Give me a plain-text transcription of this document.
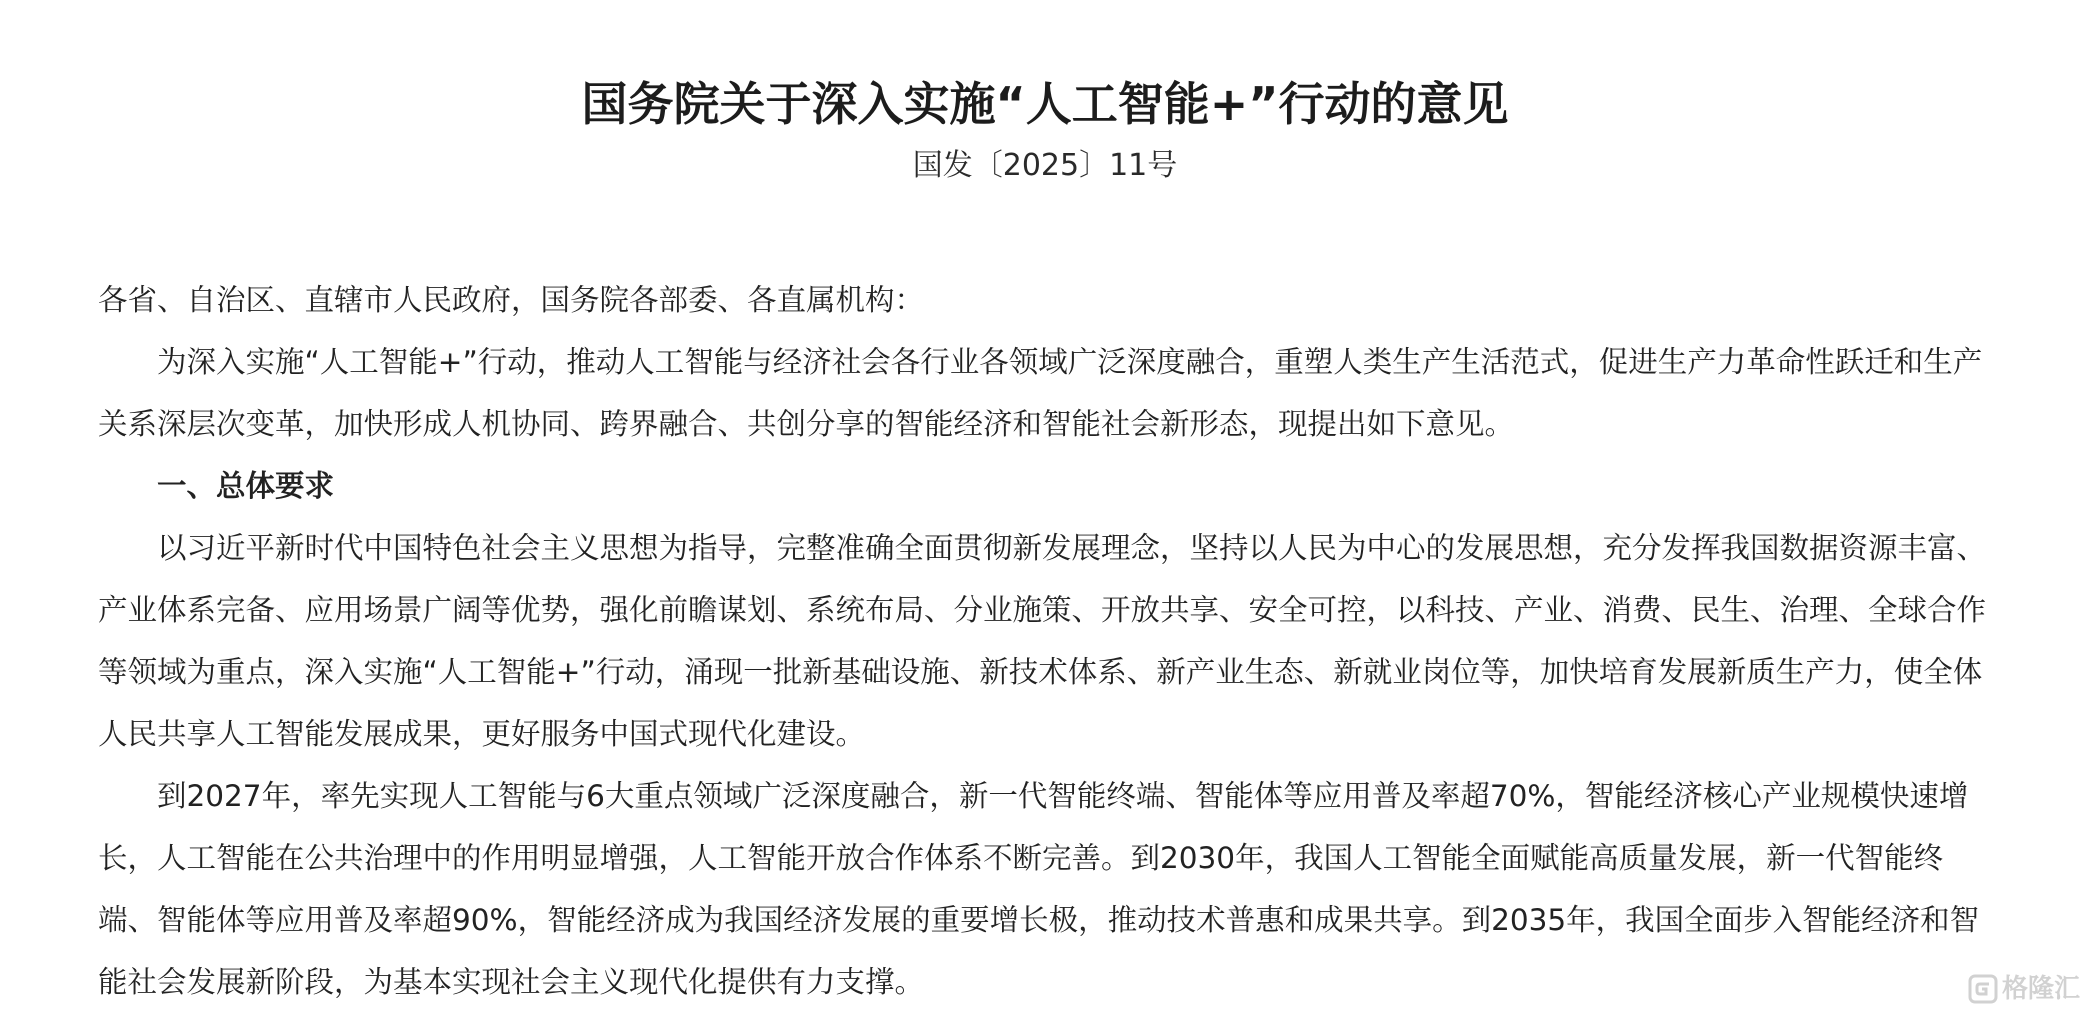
国务院关于深入实施“人工智能+”行动的意见
国发〔2025〕11号

各省、自治区、直辖市人民政府，国务院各部委、各直属机构：

为深入实施“人工智能+”行动，推动人工智能与经济社会各行业各领域广泛深度融合，重塑人类生产生活范式，促进生产力革命性跃迁和生产关系深层次变革，加快形成人机协同、跨界融合、共创分享的智能经济和智能社会新形态，现提出如下意见。

一、总体要求

以习近平新时代中国特色社会主义思想为指导，完整准确全面贯彻新发展理念，坚持以人民为中心的发展思想，充分发挥我国数据资源丰富、产业体系完备、应用场景广阔等优势，强化前瞻谋划、系统布局、分业施策、开放共享、安全可控，以科技、产业、消费、民生、治理、全球合作等领域为重点，深入实施“人工智能+”行动，涌现一批新基础设施、新技术体系、新产业生态、新就业岗位等，加快培育发展新质生产力，使全体人民共享人工智能发展成果，更好服务中国式现代化建设。

到2027年，率先实现人工智能与6大重点领域广泛深度融合，新一代智能终端、智能体等应用普及率超70%，智能经济核心产业规模快速增长，人工智能在公共治理中的作用明显增强，人工智能开放合作体系不断完善。到2030年，我国人工智能全面赋能高质量发展，新一代智能终端、智能体等应用普及率超90%，智能经济成为我国经济发展的重要增长极，推动技术普惠和成果共享。到2035年，我国全面步入智能经济和智能社会发展新阶段，为基本实现社会主义现代化提供有力支撑。	格隆汇
